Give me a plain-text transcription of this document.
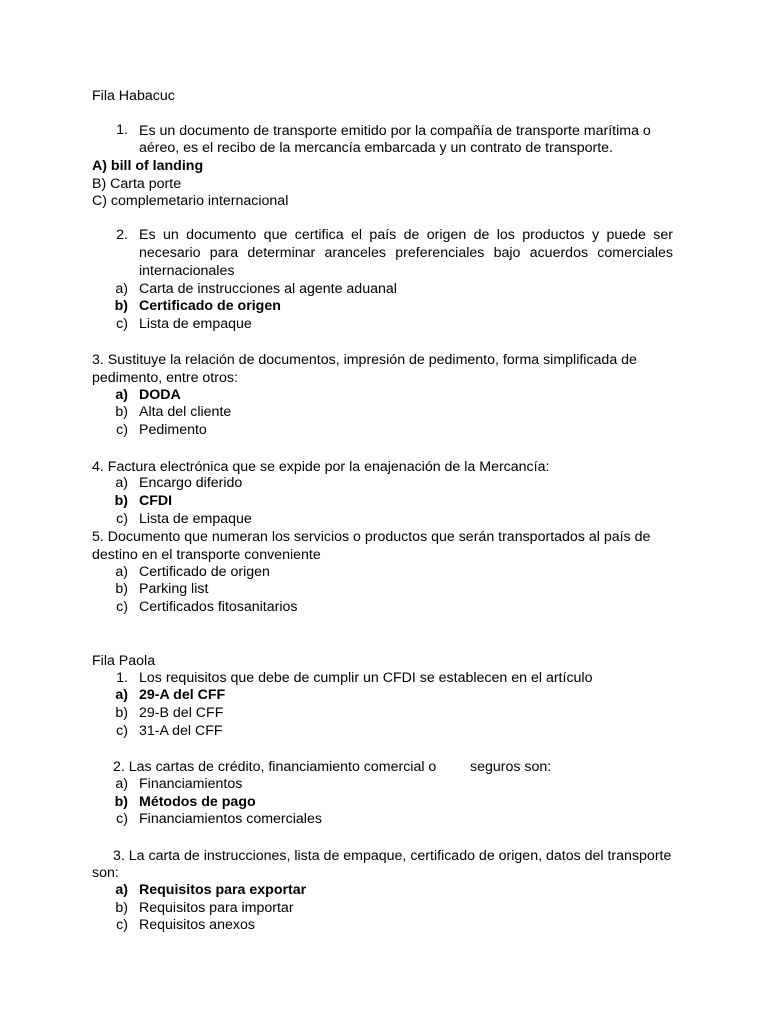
Fila Habacuc
1. Es un documento de transporte emitido por la compañía de transporte marítima o
aéreo, es el recibo de la mercancía embarcada y un contrato de transporte.
A) bill of landing
B) Carta porte
C) complemetario internacional
2. Es un documento que certifica el país de origen de los productos y puede ser
necesario para determinar aranceles preferenciales bajo acuerdos comerciales
internacionales
a) Carta de instrucciones al agente aduanal
b) Certificado de origen
c) Lista de empaque
3. Sustituye la relación de documentos, impresión de pedimento, forma simplificada de
pedimento, entre otros:
a) DODA
b) Alta del cliente
c) Pedimento
4. Factura electrónica que se expide por la enajenación de la Mercancía:
a) Encargo diferido
b) CFDI
c) Lista de empaque
5. Documento que numeran los servicios o productos que serán transportados al país de
destino en el transporte conveniente
a) Certificado de origen
b) Parking list
c) Certificados fitosanitarios
Fila Paola
1. Los requisitos que debe de cumplir un CFDI se establecen en el artículo
a) 29-A del CFF
b) 29-B del CFF
c) 31-A del CFF
2. Las cartas de crédito, financiamiento comercial o seguros son:
a) Financiamientos
b) Métodos de pago
c) Financiamientos comerciales
3. La carta de instrucciones, lista de empaque, certificado de origen, datos del transporte
son:
a) Requisitos para exportar
b) Requisitos para importar
c) Requisitos anexos
